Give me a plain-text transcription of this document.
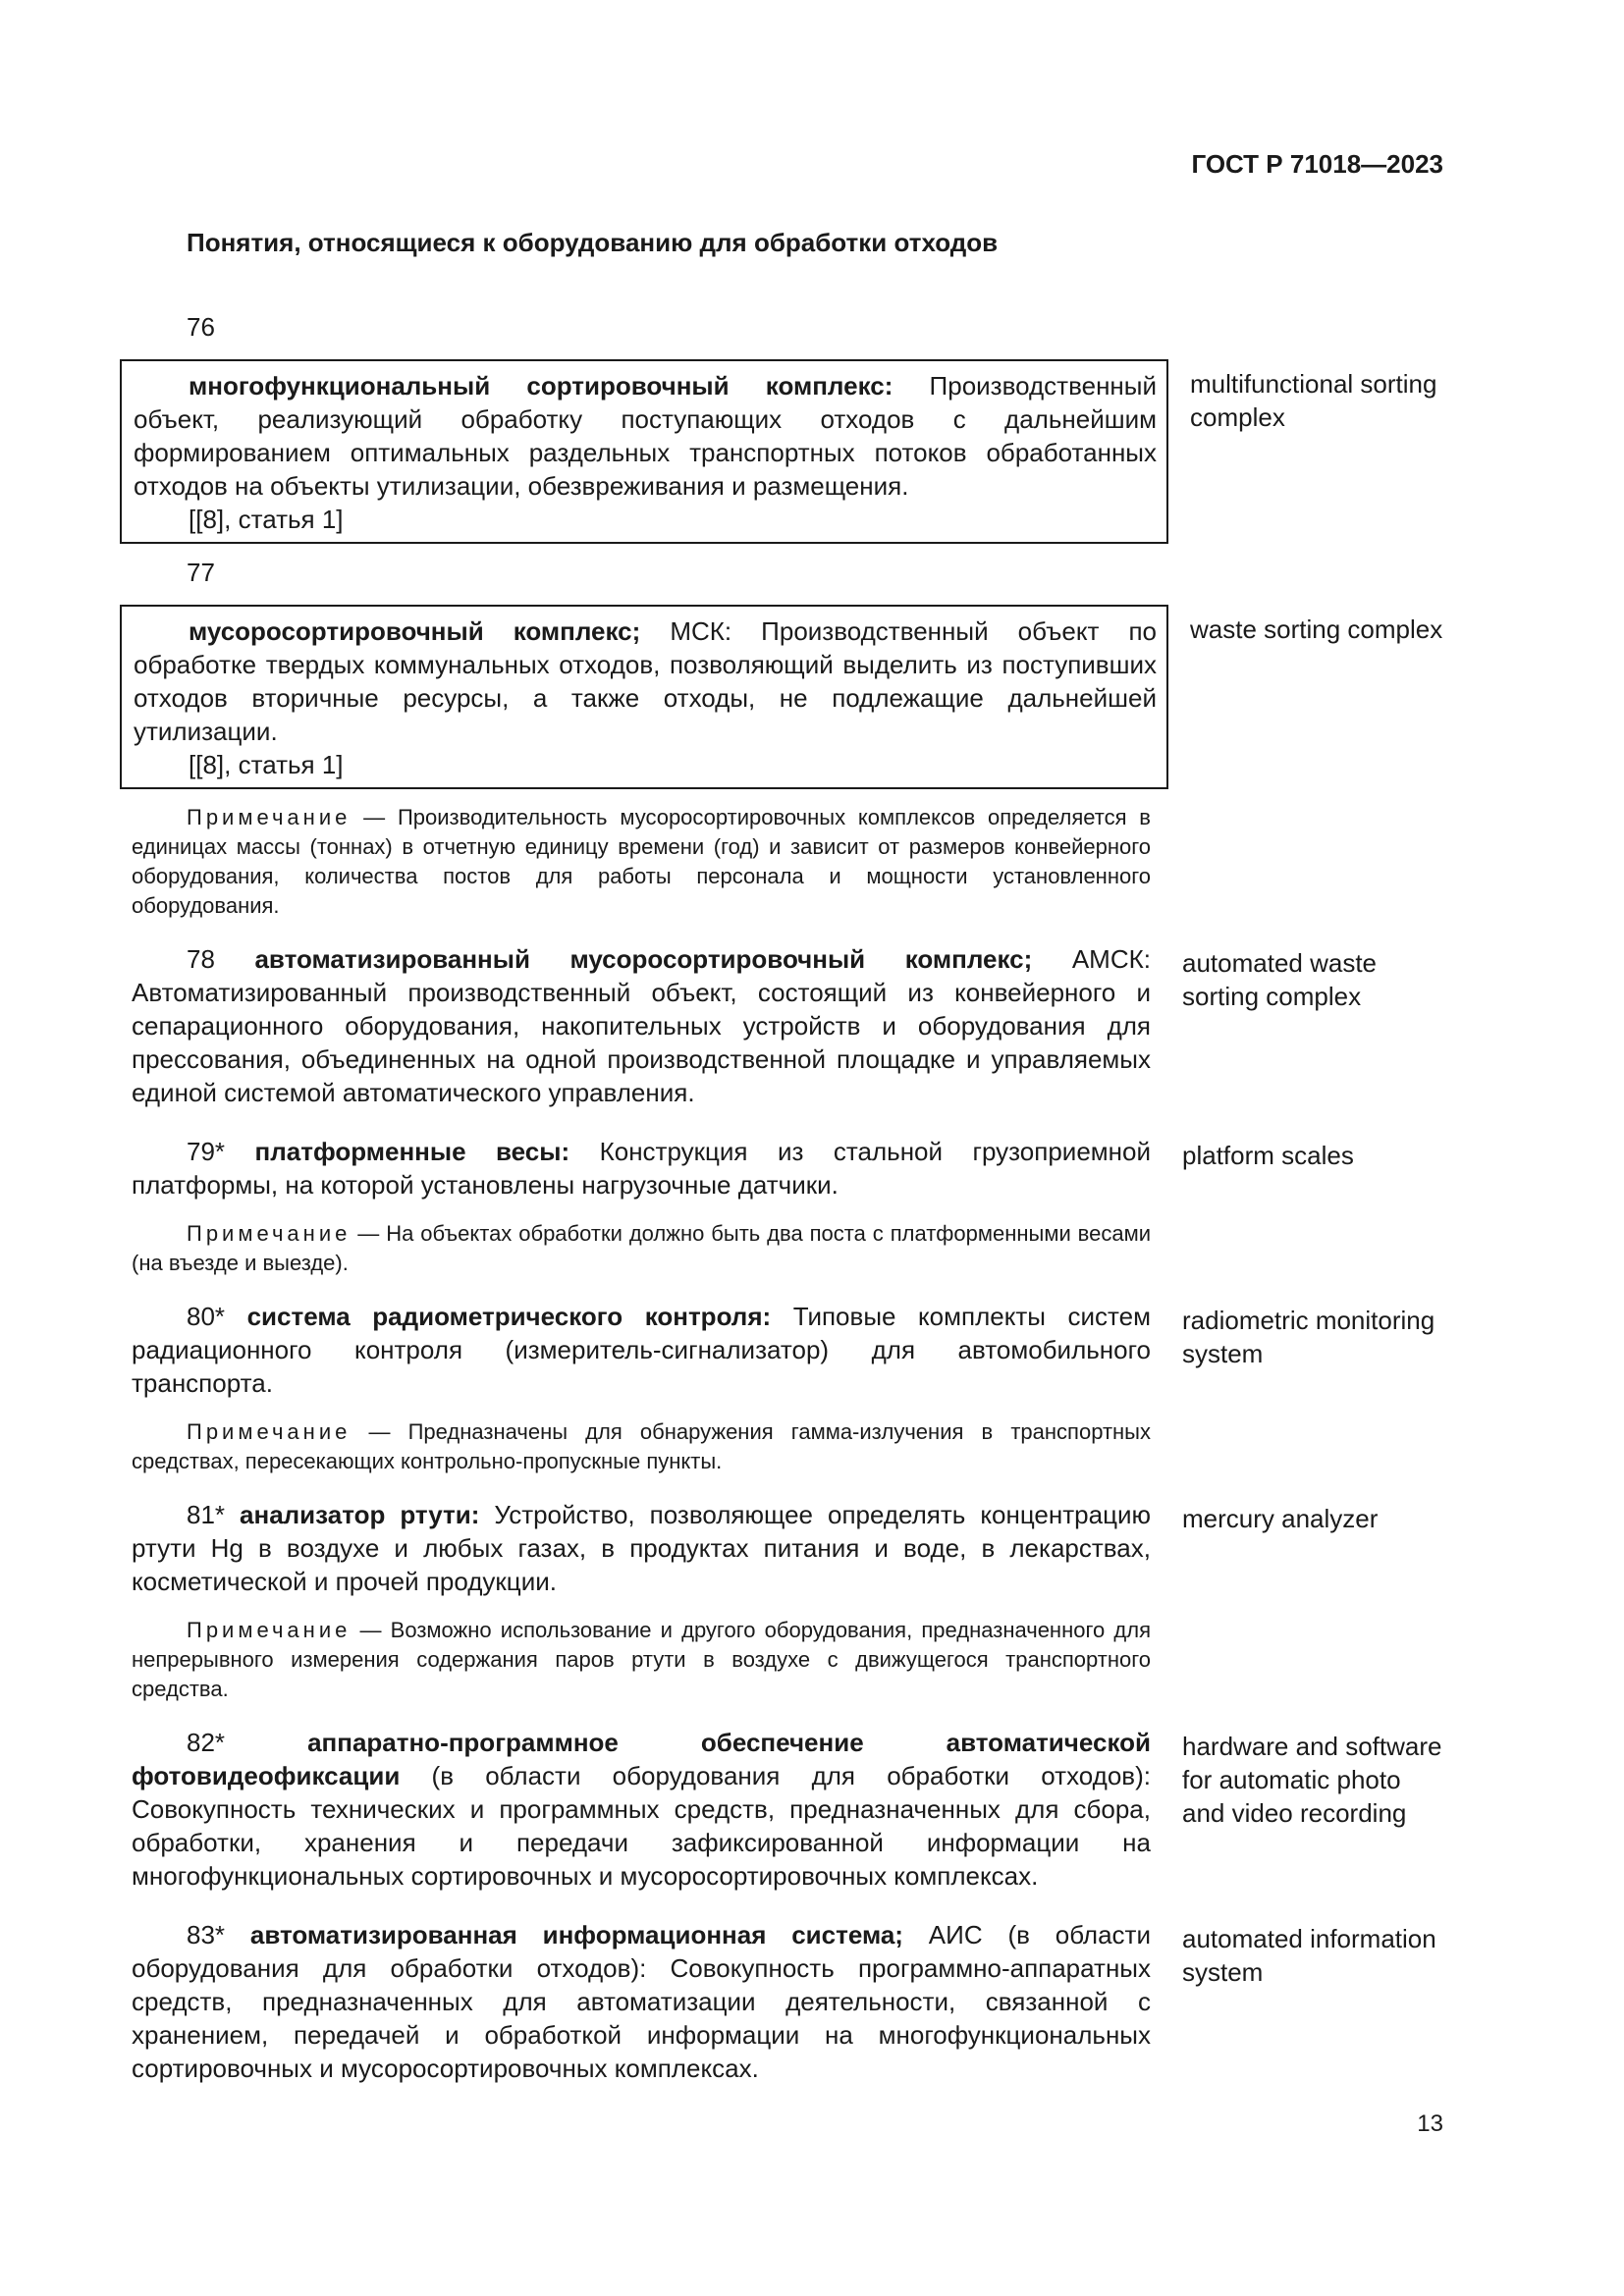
ГОСТ Р 71018—2023
Понятия, относящиеся к оборудованию для обработки отходов
76
многофункциональный сортировочный комплекс: Производственный объект, реализующий обработку поступающих отходов с дальнейшим формированием оптимальных раздельных транспортных потоков обработанных отходов на объекты утилизации, обезвреживания и размещения.
[[8], статья 1]
multifunctional sorting complex
77
мусоросортировочный комплекс; МСК: Производственный объект по обработке твердых коммунальных отходов, позволяющий выделить из поступивших отходов вторичные ресурсы, а также отходы, не подлежащие дальнейшей утилизации.
[[8], статья 1]
waste sorting complex
Примечание — Производительность мусоросортировочных комплексов определяется в единицах массы (тоннах) в отчетную единицу времени (год) и зависит от размеров конвейерного оборудования, количества постов для работы персонала и мощности установленного оборудования.
78 автоматизированный мусоросортировочный комплекс; АМСК: Автоматизированный производственный объект, состоящий из конвейерного и сепарационного оборудования, накопительных устройств и оборудования для прессования, объединенных на одной производственной площадке и управляемых единой системой автоматического управления.
automated waste sorting complex
79* платформенные весы: Конструкция из стальной грузоприемной платформы, на которой установлены нагрузочные датчики.
platform scales
Примечание — На объектах обработки должно быть два поста с платформенными весами (на въезде и выезде).
80* система радиометрического контроля: Типовые комплекты систем радиационного контроля (измеритель-сигнализатор) для автомобильного транспорта.
radiometric monitoring system
Примечание — Предназначены для обнаружения гамма-излучения в транспортных средствах, пересекающих контрольно-пропускные пункты.
81* анализатор ртути: Устройство, позволяющее определять концентрацию ртути Hg в воздухе и любых газах, в продуктах питания и воде, в лекарствах, косметической и прочей продукции.
mercury analyzer
Примечание — Возможно использование и другого оборудования, предназначенного для непрерывного измерения содержания паров ртути в воздухе с движущегося транспортного средства.
82* аппаратно-программное обеспечение автоматической фотовидеофиксации (в области оборудования для обработки отходов): Совокупность технических и программных средств, предназначенных для сбора, обработки, хранения и передачи зафиксированной информации на многофункциональных сортировочных и мусоросортировочных комплексах.
hardware and software for automatic photo and video recording
83* автоматизированная информационная система; АИС (в области оборудования для обработки отходов): Совокупность программно-аппаратных средств, предназначенных для автоматизации деятельности, связанной с хранением, передачей и обработкой информации на многофункциональных сортировочных и мусоросортировочных комплексах.
automated information system
13
